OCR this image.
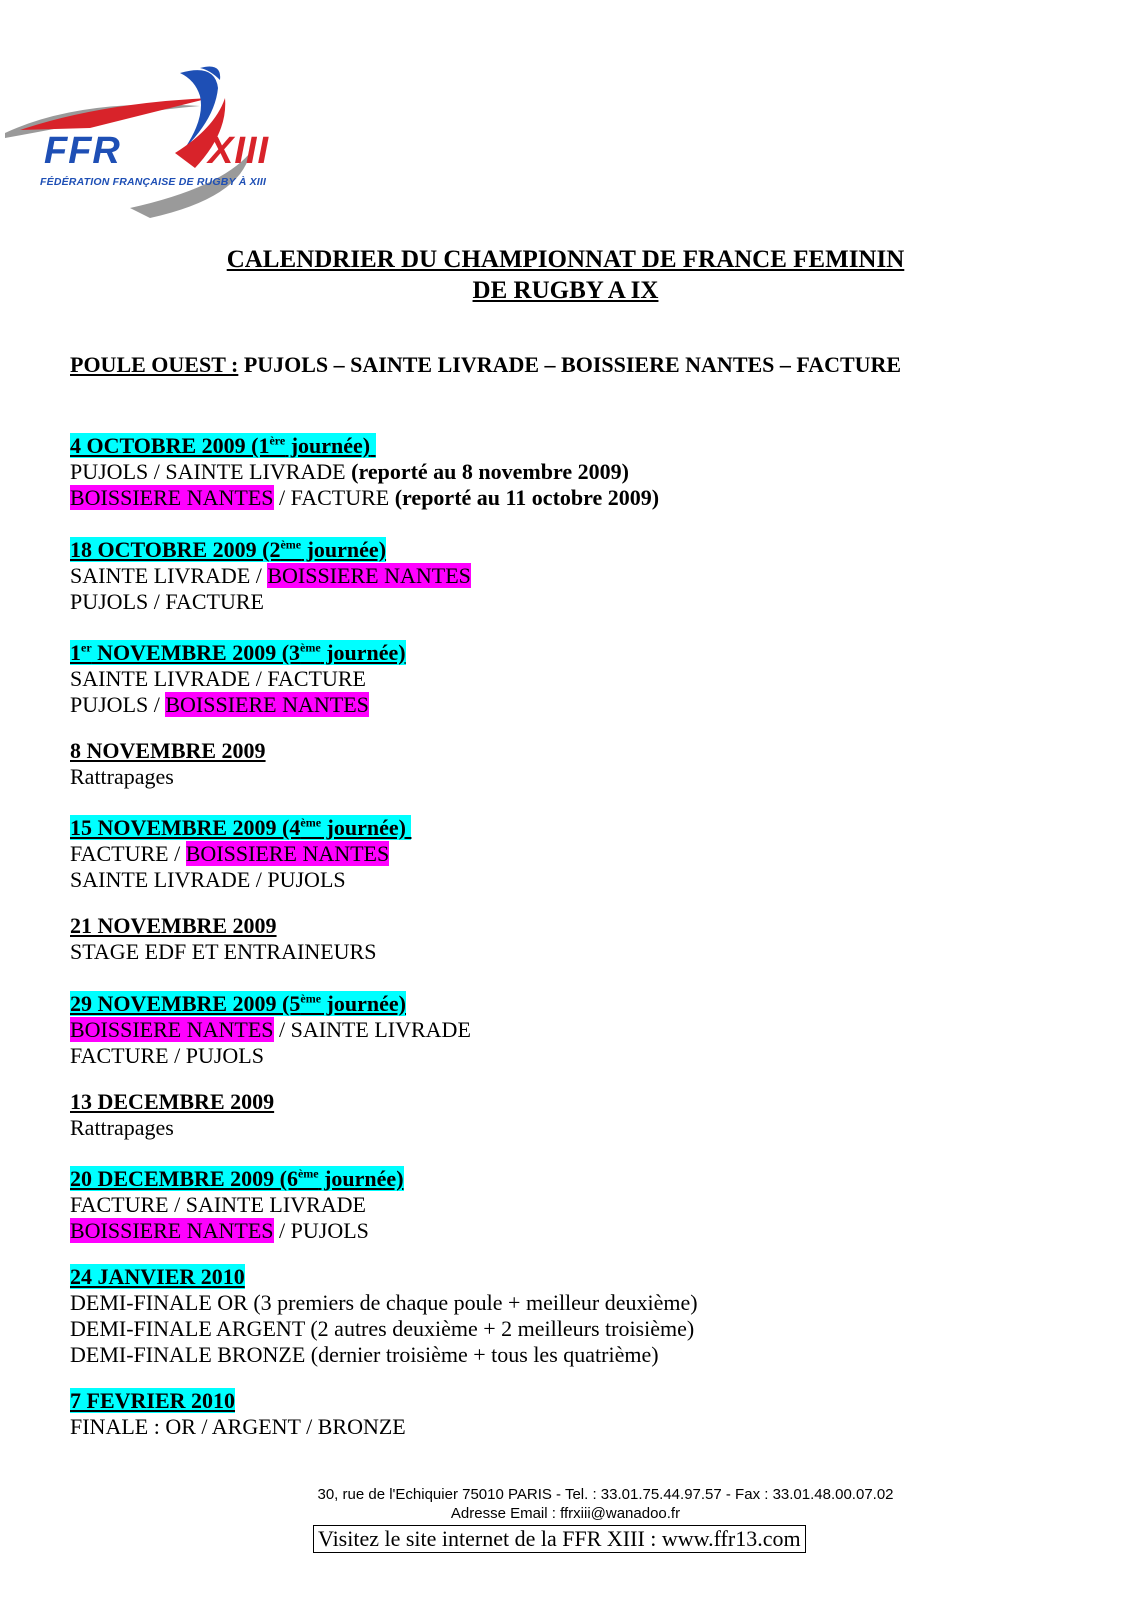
FFR XIII
FÉDÉRATION FRANÇAISE DE RUGBY À XIII
CALENDRIER DU CHAMPIONNAT DE FRANCE FEMININ
DE RUGBY A IX
POULE OUEST : PUJOLS – SAINTE LIVRADE – BOISSIERE NANTES – FACTURE
4 OCTOBRE 2009 (1ère journée)
PUJOLS / SAINTE LIVRADE (reporté au 8 novembre 2009)
BOISSIERE NANTES / FACTURE (reporté au 11 octobre 2009)
18 OCTOBRE 2009 (2ème journée)
SAINTE LIVRADE / BOISSIERE NANTES
PUJOLS / FACTURE
1er NOVEMBRE 2009 (3ème journée)
SAINTE LIVRADE / FACTURE
PUJOLS / BOISSIERE NANTES
8 NOVEMBRE 2009
Rattrapages
15 NOVEMBRE 2009 (4ème journée)
FACTURE / BOISSIERE NANTES
SAINTE LIVRADE / PUJOLS
21 NOVEMBRE 2009
STAGE EDF ET ENTRAINEURS
29 NOVEMBRE 2009 (5ème journée)
BOISSIERE NANTES / SAINTE LIVRADE
FACTURE / PUJOLS
13 DECEMBRE 2009
Rattrapages
20 DECEMBRE 2009 (6ème journée)
FACTURE / SAINTE LIVRADE
BOISSIERE NANTES / PUJOLS
24 JANVIER 2010
DEMI-FINALE OR (3 premiers de chaque poule + meilleur deuxième)
DEMI-FINALE ARGENT (2 autres deuxième + 2 meilleurs troisième)
DEMI-FINALE BRONZE (dernier troisième + tous les quatrième)
7 FEVRIER 2010
FINALE : OR / ARGENT / BRONZE
30, rue de l'Echiquier 75010 PARIS - Tel. : 33.01.75.44.97.57 - Fax : 33.01.48.00.07.02
Adresse Email : ffrxiii@wanadoo.fr
Visitez le site internet de la FFR XIII : www.ffr13.com
